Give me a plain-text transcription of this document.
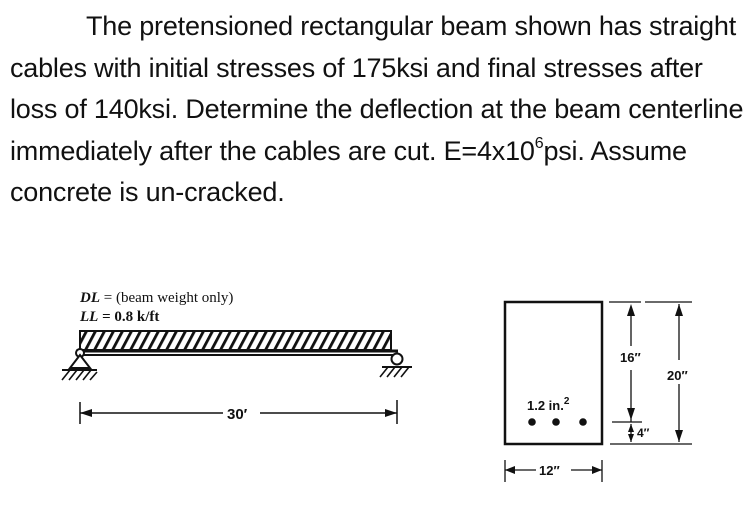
The pretensioned rectangular beam shown has straight cables with initial stresses of 175ksi and final stresses after loss of 140ksi. Determine the deflection at the beam centerline immediately after the cables are cut. $E=4x10^6psi$. Assume concrete is un-cracked.
DL = (beam weight only)
LL = 0.8 k/ft
30′
1.2 in.$^2$
16″
20″
4″
12″
